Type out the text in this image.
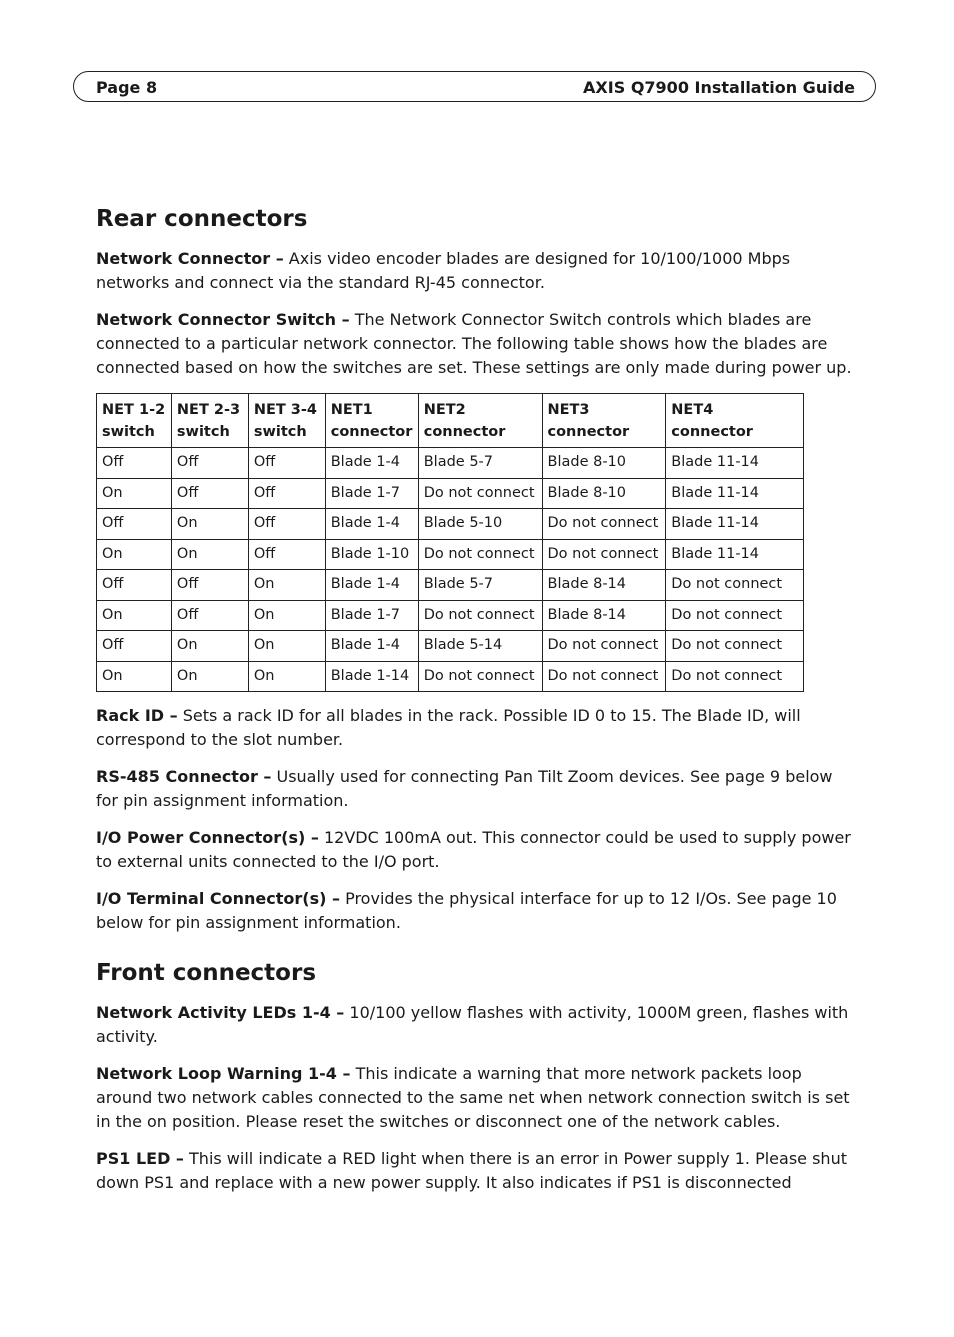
Page 8	AXIS Q7900 Installation Guide
Rear connectors

Network Connector – Axis video encoder blades are designed for 10/100/1000 Mbps networks and connect via the standard RJ-45 connector.

Network Connector Switch – The Network Connector Switch controls which blades are connected to a particular network connector. The following table shows how the blades are connected based on how the switches are set. These settings are only made during power up.

NET 1-2 switch	NET 2-3 switch	NET 3-4 switch	NET1 connector	NET2 connector	NET3 connector	NET4 connector
Off	Off	Off	Blade 1-4	Blade 5-7	Blade 8-10	Blade 11-14
On	Off	Off	Blade 1-7	Do not connect	Blade 8-10	Blade 11-14
Off	On	Off	Blade 1-4	Blade 5-10	Do not connect	Blade 11-14
On	On	Off	Blade 1-10	Do not connect	Do not connect	Blade 11-14
Off	Off	On	Blade 1-4	Blade 5-7	Blade 8-14	Do not connect
On	Off	On	Blade 1-7	Do not connect	Blade 8-14	Do not connect
Off	On	On	Blade 1-4	Blade 5-14	Do not connect	Do not connect
On	On	On	Blade 1-14	Do not connect	Do not connect	Do not connect

Rack ID – Sets a rack ID for all blades in the rack. Possible ID 0 to 15. The Blade ID, will correspond to the slot number.

RS-485 Connector – Usually used for connecting Pan Tilt Zoom devices. See page 9 below for pin assignment information.

I/O Power Connector(s) – 12VDC 100mA out. This connector could be used to supply power to external units connected to the I/O port.

I/O Terminal Connector(s) – Provides the physical interface for up to 12 I/Os. See page 10 below for pin assignment information.

Front connectors

Network Activity LEDs 1-4 – 10/100 yellow flashes with activity, 1000M green, flashes with activity.

Network Loop Warning 1-4 – This indicate a warning that more network packets loop around two network cables connected to the same net when network connection switch is set in the on position. Please reset the switches or disconnect one of the network cables.

PS1 LED – This will indicate a RED light when there is an error in Power supply 1. Please shut down PS1 and replace with a new power supply. It also indicates if PS1 is disconnected
